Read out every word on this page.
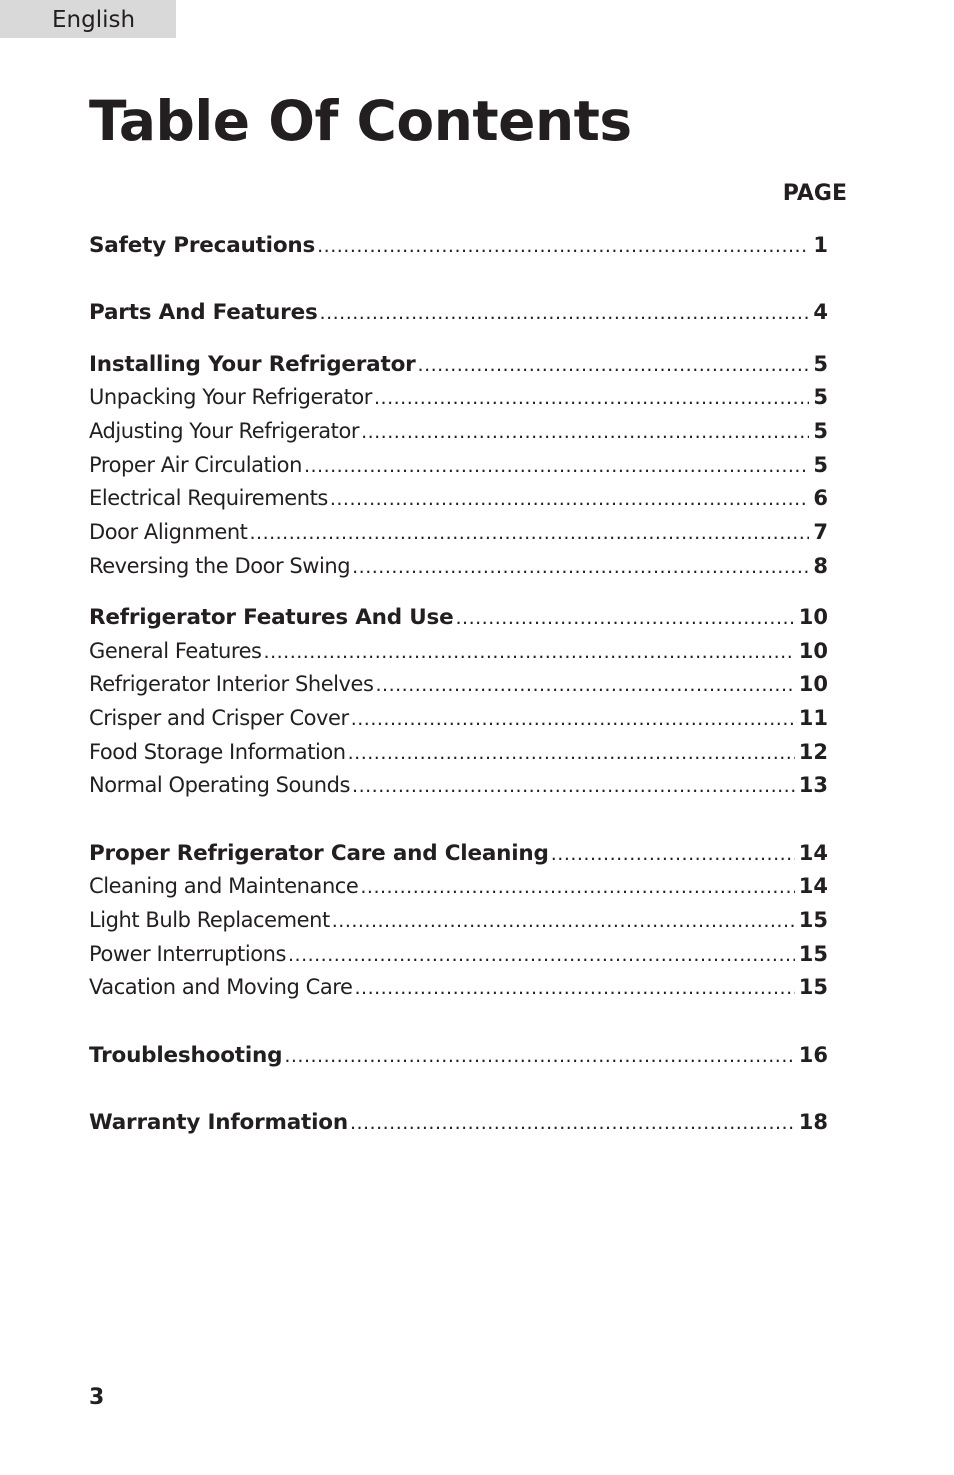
English
Table Of Contents
PAGE
Safety Precautions .....	1
Parts And Features .....	4
Installing Your Refrigerator .....	5
Unpacking Your Refrigerator .....	5
Adjusting Your Refrigerator .....	5
Proper Air Circulation .....	5
Electrical Requirements .....	6
Door Alignment .....	7
Reversing the Door Swing .....	8
Refrigerator Features And Use .....	10
General Features .....	10
Refrigerator Interior Shelves .....	10
Crisper and Crisper Cover .....	11
Food Storage Information .....	12
Normal Operating Sounds .....	13
Proper Refrigerator Care and Cleaning .....	14
Cleaning and Maintenance .....	14
Light Bulb Replacement .....	15
Power Interruptions .....	15
Vacation and Moving Care .....	15
Troubleshooting .....	16
Warranty Information .....	18
3
